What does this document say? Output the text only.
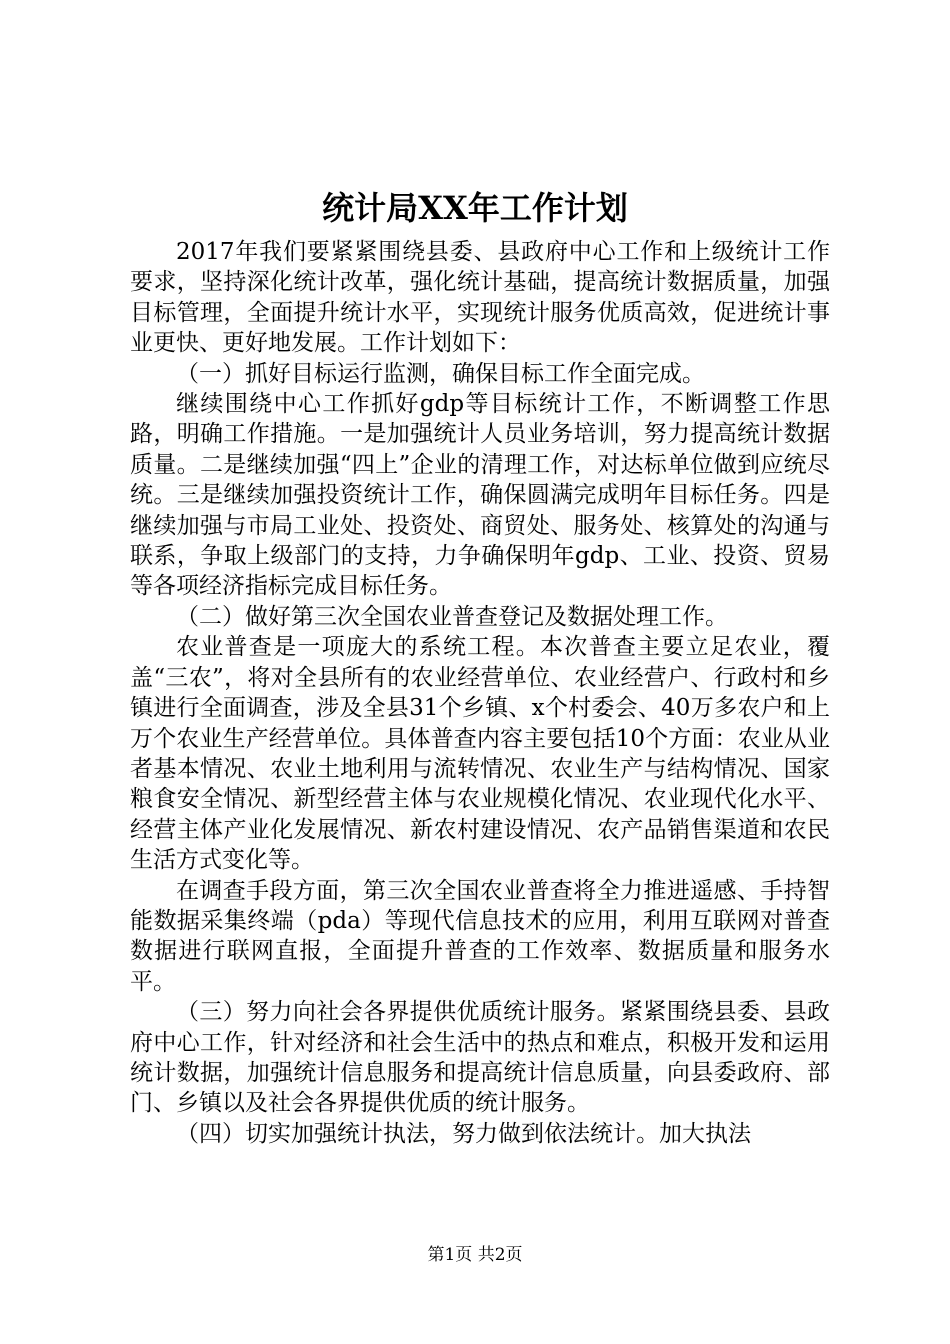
统计局XX年工作计划

2017年我们要紧紧围绕县委、县政府中心工作和上级统计工作要求，坚持深化统计改革，强化统计基础，提高统计数据质量，加强目标管理，全面提升统计水平，实现统计服务优质高效，促进统计事业更快、更好地发展。工作计划如下：

（一）抓好目标运行监测，确保目标工作全面完成。

继续围绕中心工作抓好gdp等目标统计工作，不断调整工作思路，明确工作措施。一是加强统计人员业务培训，努力提高统计数据质量。二是继续加强“四上”企业的清理工作，对达标单位做到应统尽统。三是继续加强投资统计工作，确保圆满完成明年目标任务。四是继续加强与市局工业处、投资处、商贸处、服务处、核算处的沟通与联系，争取上级部门的支持，力争确保明年gdp、工业、投资、贸易等各项经济指标完成目标任务。

（二）做好第三次全国农业普查登记及数据处理工作。

农业普查是一项庞大的系统工程。本次普查主要立足农业，覆盖“三农”，将对全县所有的农业经营单位、农业经营户、行政村和乡镇进行全面调查，涉及全县31个乡镇、x个村委会、40万多农户和上万个农业生产经营单位。具体普查内容主要包括10个方面：农业从业者基本情况、农业土地利用与流转情况、农业生产与结构情况、国家粮食安全情况、新型经营主体与农业规模化情况、农业现代化水平、经营主体产业化发展情况、新农村建设情况、农产品销售渠道和农民生活方式变化等。

在调查手段方面，第三次全国农业普查将全力推进遥感、手持智能数据采集终端（pda）等现代信息技术的应用，利用互联网对普查数据进行联网直报，全面提升普查的工作效率、数据质量和服务水平。

（三）努力向社会各界提供优质统计服务。紧紧围绕县委、县政府中心工作，针对经济和社会生活中的热点和难点，积极开发和运用统计数据，加强统计信息服务和提高统计信息质量，向县委政府、部门、乡镇以及社会各界提供优质的统计服务。

（四）切实加强统计执法，努力做到依法统计。加大执法

第1页 共2页
